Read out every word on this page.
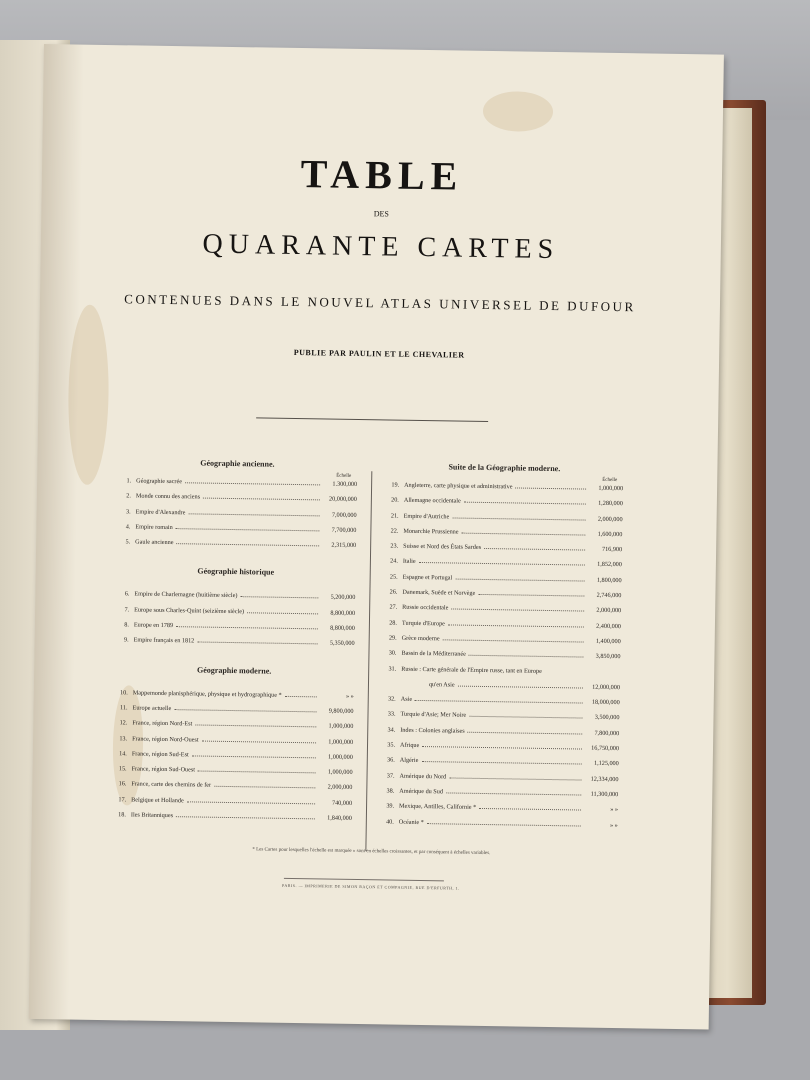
TABLE
DES
QUARANTE CARTES
CONTENUES DANS LE NOUVEL ATLAS UNIVERSEL DE DUFOUR
PUBLIE PAR PAULIN ET LE CHEVALIER
Géographie ancienne.
Échelle
1. Géographie sacrée	1.300,000
2. Monde connu des anciens	20,000,000
3. Empire d'Alexandre	7,000,000
4. Empire romain	7,700,000
5. Gaule ancienne	2,315,000
Géographie historique
6. Empire de Charlemagne (huitième siècle)	5,200,000
7. Europe sous Charles-Quint (seizième siècle)	8,800,000
8. Europe en 1789	8,800,000
9. Empire français en 1812	5,350,000
Géographie moderne.
10. Mappemonde planisphérique, physique et hydrographique *	» »
11. Europe actuelle	9,800,000
12. France, région Nord-Est	1,000,000
13. France, région Nord-Ouest	1,000,000
14. France, région Sud-Est	1,000,000
15. France, région Sud-Ouest	1,000,000
16. France, carte des chemins de fer	2,000,000
17. Belgique et Hollande	740,000
18. Iles Britanniques	1,840,000
Suite de la Géographie moderne.
Échelle
19. Angleterre, carte physique et administrative	1,000,000
20. Allemagne occidentale	1,280,000
21. Empire d'Autriche	2,000,000
22. Monarchie Prussienne	1,600,000
23. Suisse et Nord des États Sardes	716,900
24. Italie	1,852,000
25. Espagne et Portugal	1,800,000
26. Danemark, Suède et Norvège	2,746,000
27. Russie occidentale	2,000,000
28. Turquie d'Europe	2,400,000
29. Grèce moderne	1,400,000
30. Bassin de la Méditerranée	3,850,000
31. Russie : Carte générale de l'Empire russe, tant en Europe
qu'en Asie	12,000,000
32. Asie	18,000,000
33. Turquie d'Asie; Mer Noire	3,500,000
34. Indes : Colonies anglaises	7,800,000
35. Afrique	16,750,000
36. Algérie	1,125,000
37. Amérique du Nord	12,334,000
38. Amérique du Sud	11,300,000
39. Mexique, Antilles, Californie *	» »
40. Océanie *	» »
* Les Cartes pour lesquelles l'échelle est marquée » sont en échelles croissantes, et par conséquent à échelles variables.
PARIS. — IMPRIMERIE DE SIMON RAÇON ET COMPAGNIE, RUE D'ERFURTH, 1.
